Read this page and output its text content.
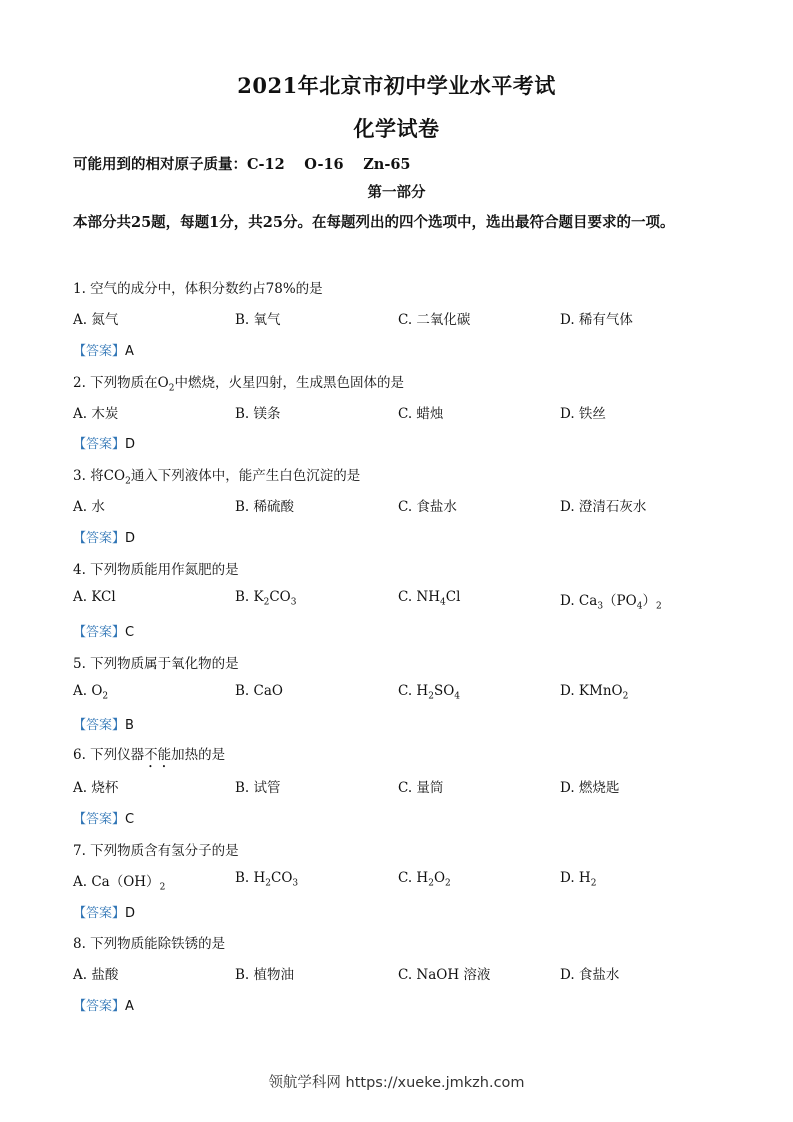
2021年北京市初中学业水平考试
化学试卷
可能用到的相对原子质量：C-12　 O-16　 Zn-65
第一部分
本部分共25题，每题1分，共25分。在每题列出的四个选项中，选出最符合题目要求的一项。
1. 空气的成分中，体积分数约占78%的是
A. 氮气	B. 氧气	C. 二氧化碳	D. 稀有气体
【答案】A
2. 下列物质在$O_2$中燃烧，火星四射，生成黑色固体的是
A. 木炭	B. 镁条	C. 蜡烛	D. 铁丝
【答案】D
3. 将$CO_2$通入下列液体中，能产生白色沉淀的是
A. 水	B. 稀硫酸	C. 食盐水	D. 澄清石灰水
【答案】D
4. 下列物质能用作氮肥的是
A. KCl	B. $K_2CO_3$	C. $NH_4Cl$	D. $Ca_3(PO_4)_2$
【答案】C
5. 下列物质属于氧化物的是
A. $O_2$	B. CaO	C. $H_2SO_4$	D. KMnO$_2$
【答案】B
6. 下列仪器不能加热的是
A. 烧杯	B. 试管	C. 量筒	D. 燃烧匙
【答案】C
7. 下列物质含有氢分子的是
A. $Ca(OH)_2$
B. $H_2CO_3$	C. $H_2O_2$	D. $H_2$
【答案】D
8. 下列物质能除铁锈的是
A. 盐酸	B. 植物油	C. NaOH 溶液	D. 食盐水
【答案】A
领航学科网 https://xueke.jmkzh.com
